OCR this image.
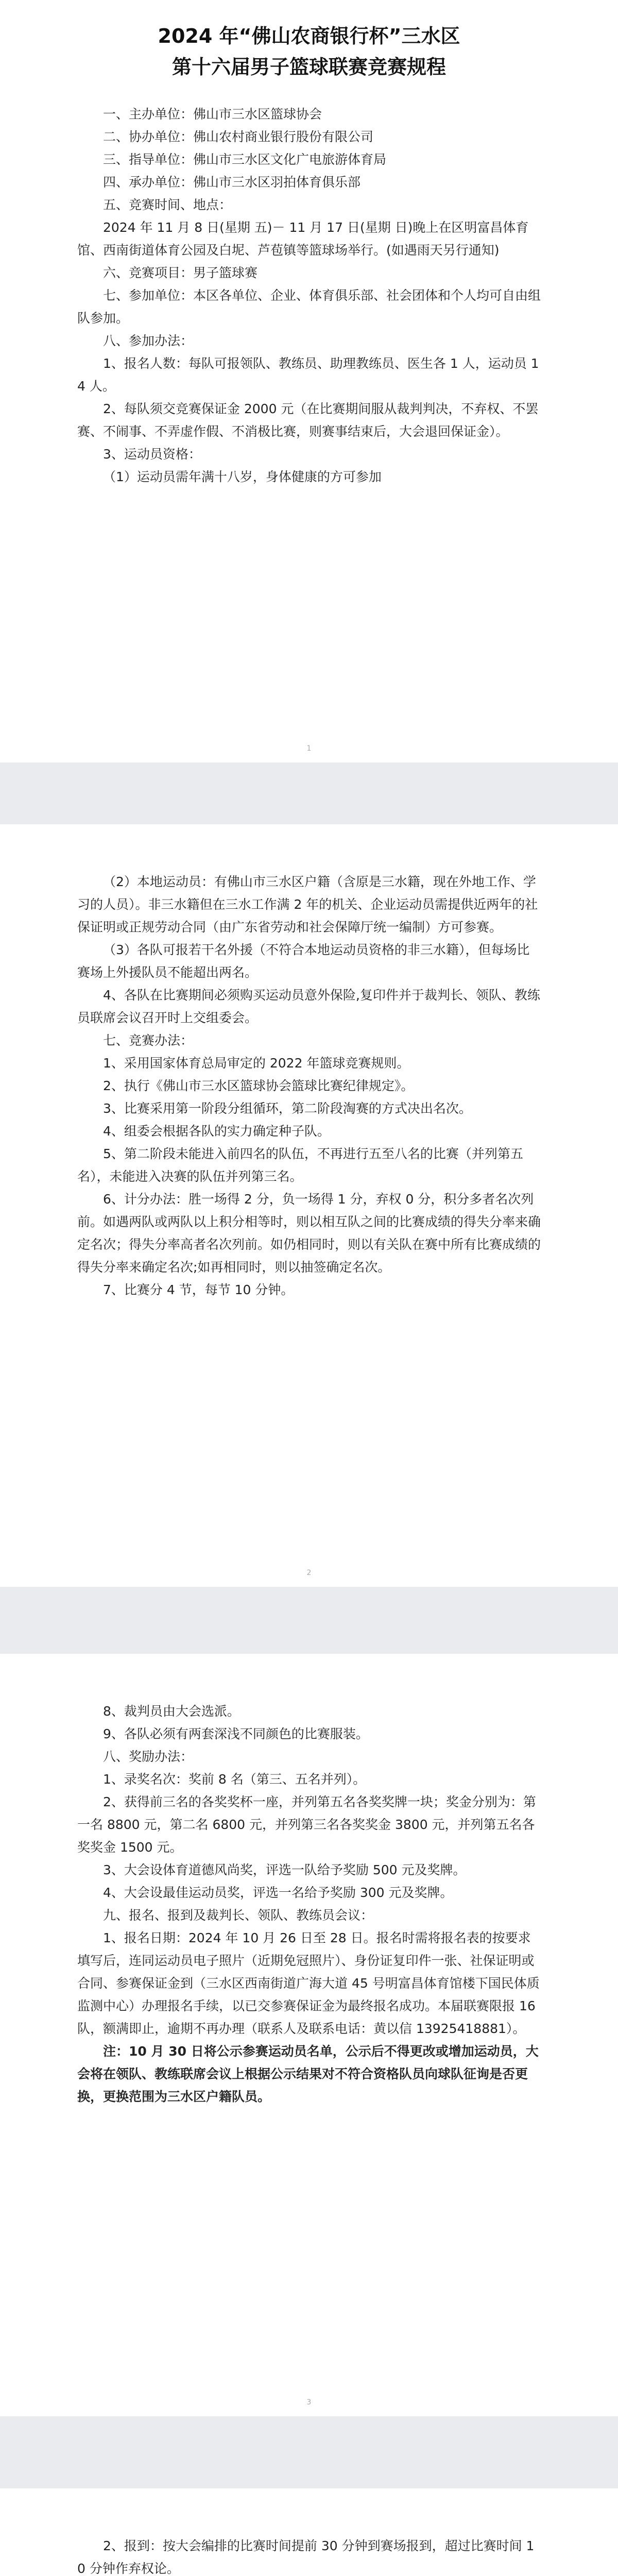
2024 年“佛山农商银行杯”三水区
第十六届男子篮球联赛竞赛规程

一、主办单位：佛山市三水区篮球协会

二、协办单位：佛山农村商业银行股份有限公司

三、指导单位：佛山市三水区文化广电旅游体育局

四、承办单位：佛山市三水区羽拍体育俱乐部

五、竞赛时间、地点：

2024 年 11 月 8 日(星期 五)－ 11 月 17 日(星期 日)晚上在区明富昌体育馆、西南街道体育公园及白坭、芦苞镇等篮球场举行。(如遇雨天另行通知)

六、竞赛项目：男子篮球赛

七、参加单位：本区各单位、企业、体育俱乐部、社会团体和个人均可自由组队参加。

八、参加办法：

1、报名人数：每队可报领队、教练员、助理教练员、医生各 1 人，运动员 14 人。

2、每队须交竞赛保证金 2000 元（在比赛期间服从裁判判决，不弃权、不罢赛、不闹事、不弄虚作假、不消极比赛，则赛事结束后，大会退回保证金）。

3、运动员资格：

（1）运动员需年满十八岁，身体健康的方可参加

1

（2）本地运动员：有佛山市三水区户籍（含原是三水籍，现在外地工作、学习的人员）。非三水籍但在三水工作满 2 年的机关、企业运动员需提供近两年的社保证明或正规劳动合同（由广东省劳动和社会保障厅统一编制）方可参赛。

（3）各队可报若干名外援（不符合本地运动员资格的非三水籍），但每场比赛场上外援队员不能超出两名。

4、各队在比赛期间必须购买运动员意外保险,复印件并于裁判长、领队、教练员联席会议召开时上交组委会。

七、竞赛办法：

1、采用国家体育总局审定的 2022 年篮球竞赛规则。

2、执行《佛山市三水区篮球协会篮球比赛纪律规定》。

3、比赛采用第一阶段分组循环，第二阶段淘赛的方式决出名次。

4、组委会根据各队的实力确定种子队。

5、第二阶段未能进入前四名的队伍，不再进行五至八名的比赛（并列第五名），未能进入决赛的队伍并列第三名。

6、计分办法：胜一场得 2 分，负一场得 1 分，弃权 0 分，积分多者名次列前。如遇两队或两队以上积分相等时，则以相互队之间的比赛成绩的得失分率来确定名次；得失分率高者名次列前。如仍相同时，则以有关队在赛中所有比赛成绩的得失分率来确定名次;如再相同时，则以抽签确定名次。

7、比赛分 4 节，每节 10 分钟。

2

8、裁判员由大会选派。

9、各队必须有两套深浅不同颜色的比赛服装。

八、奖励办法：

1、录奖名次：奖前 8 名（第三、五名并列）。

2、获得前三名的各奖奖杯一座，并列第五名各奖奖牌一块；奖金分别为：第一名 8800 元，第二名 6800 元，并列第三名各奖奖金 3800 元，并列第五名各奖奖金 1500 元。

3、大会设体育道德风尚奖，评选一队给予奖励 500 元及奖牌。

4、大会设最佳运动员奖，评选一名给予奖励 300 元及奖牌。

九、报名、报到及裁判长、领队、教练员会议：

1、报名日期：2024 年 10 月 26 日至 28 日。报名时需将报名表的按要求填写后，连同运动员电子照片（近期免冠照片）、身份证复印件一张、社保证明或合同、参赛保证金到（三水区西南街道广海大道 45 号明富昌体育馆楼下国民体质监测中心）办理报名手续，以已交参赛保证金为最终报名成功。本届联赛限报 16 队，额满即止，逾期不再办理（联系人及联系电话：黄以信 13925418881）。

注：10 月 30 日将公示参赛运动员名单，公示后不得更改或增加运动员，大会将在领队、教练联席会议上根据公示结果对不符合资格队员向球队征询是否更换，更换范围为三水区户籍队员。

3

2、报到：按大会编排的比赛时间提前 30 分钟到赛场报到，超过比赛时间 10 分钟作弃权论。
